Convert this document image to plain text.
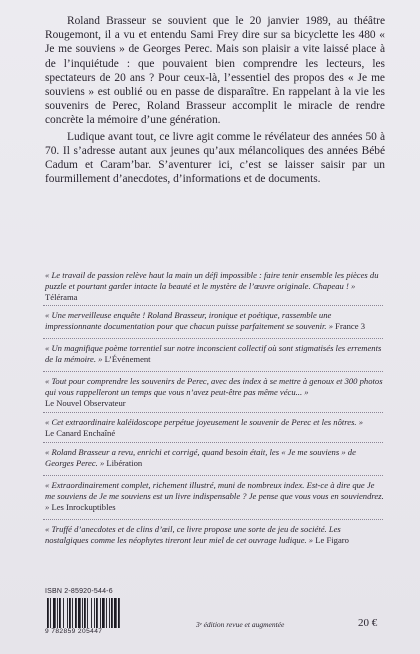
Roland Brasseur se souvient que le 20 janvier 1989, au théâtre Rougemont, il a vu et entendu Sami Frey dire sur sa bicyclette les 480 « Je me souviens » de Georges Perec. Mais son plaisir a vite laissé place à de l’inquiétude : que pouvaient bien comprendre les lecteurs, les spectateurs de 20 ans ? Pour ceux-là, l’essentiel des propos des « Je me souviens » est oublié ou en passe de disparaître. En rappelant à la vie les souvenirs de Perec, Roland Brasseur accomplit le miracle de rendre concrète la mémoire d’une génération.

Ludique avant tout, ce livre agit comme le révélateur des années 50 à 70. Il s’adresse autant aux jeunes qu’aux mélancoliques des années Bébé Cadum et Caram’bar. S’aventurer ici, c’est se laisser saisir par un fourmillement d’anecdotes, d’informations et de documents.

« Le travail de passion relève haut la main un défi impossible : faire tenir ensemble les pièces du puzzle et pourtant garder intacte la beauté et le mystère de l’œuvre originale. Chapeau ! »
Télérama
« Une merveilleuse enquête ! Roland Brasseur, ironique et poétique, rassemble une impressionnante documentation pour que chacun puisse parfaitement se souvenir. » France 3
« Un magnifique poème torrentiel sur notre inconscient collectif où sont stigmatisés les errements de la mémoire. » L’Événement
« Tout pour comprendre les souvenirs de Perec, avec des index à se mettre à genoux et 300 photos qui vous rappelleront un temps que vous n’avez peut-être pas même vécu... »
Le Nouvel Observateur
« Cet extraordinaire kaléidoscope perpétue joyeusement le souvenir de Perec et les nôtres. »
Le Canard Enchaîné
« Roland Brasseur a revu, enrichi et corrigé, quand besoin était, les « Je me souviens » de Georges Perec. » Libération
« Extraordinairement complet, richement illustré, muni de nombreux index. Est-ce à dire que Je me souviens de Je me souviens est un livre indispensable ? Je pense que vous vous en souviendrez. » Les Inrockuptibles
« Truffé d’anecdotes et de clins d’œil, ce livre propose une sorte de jeu de société. Les nostalgiques comme les néophytes tireront leur miel de cet ouvrage ludique. » Le Figaro
ISBN 2-85920-544-6
9 782859 205447
3ᵉ édition revue et augmentée	20 €
